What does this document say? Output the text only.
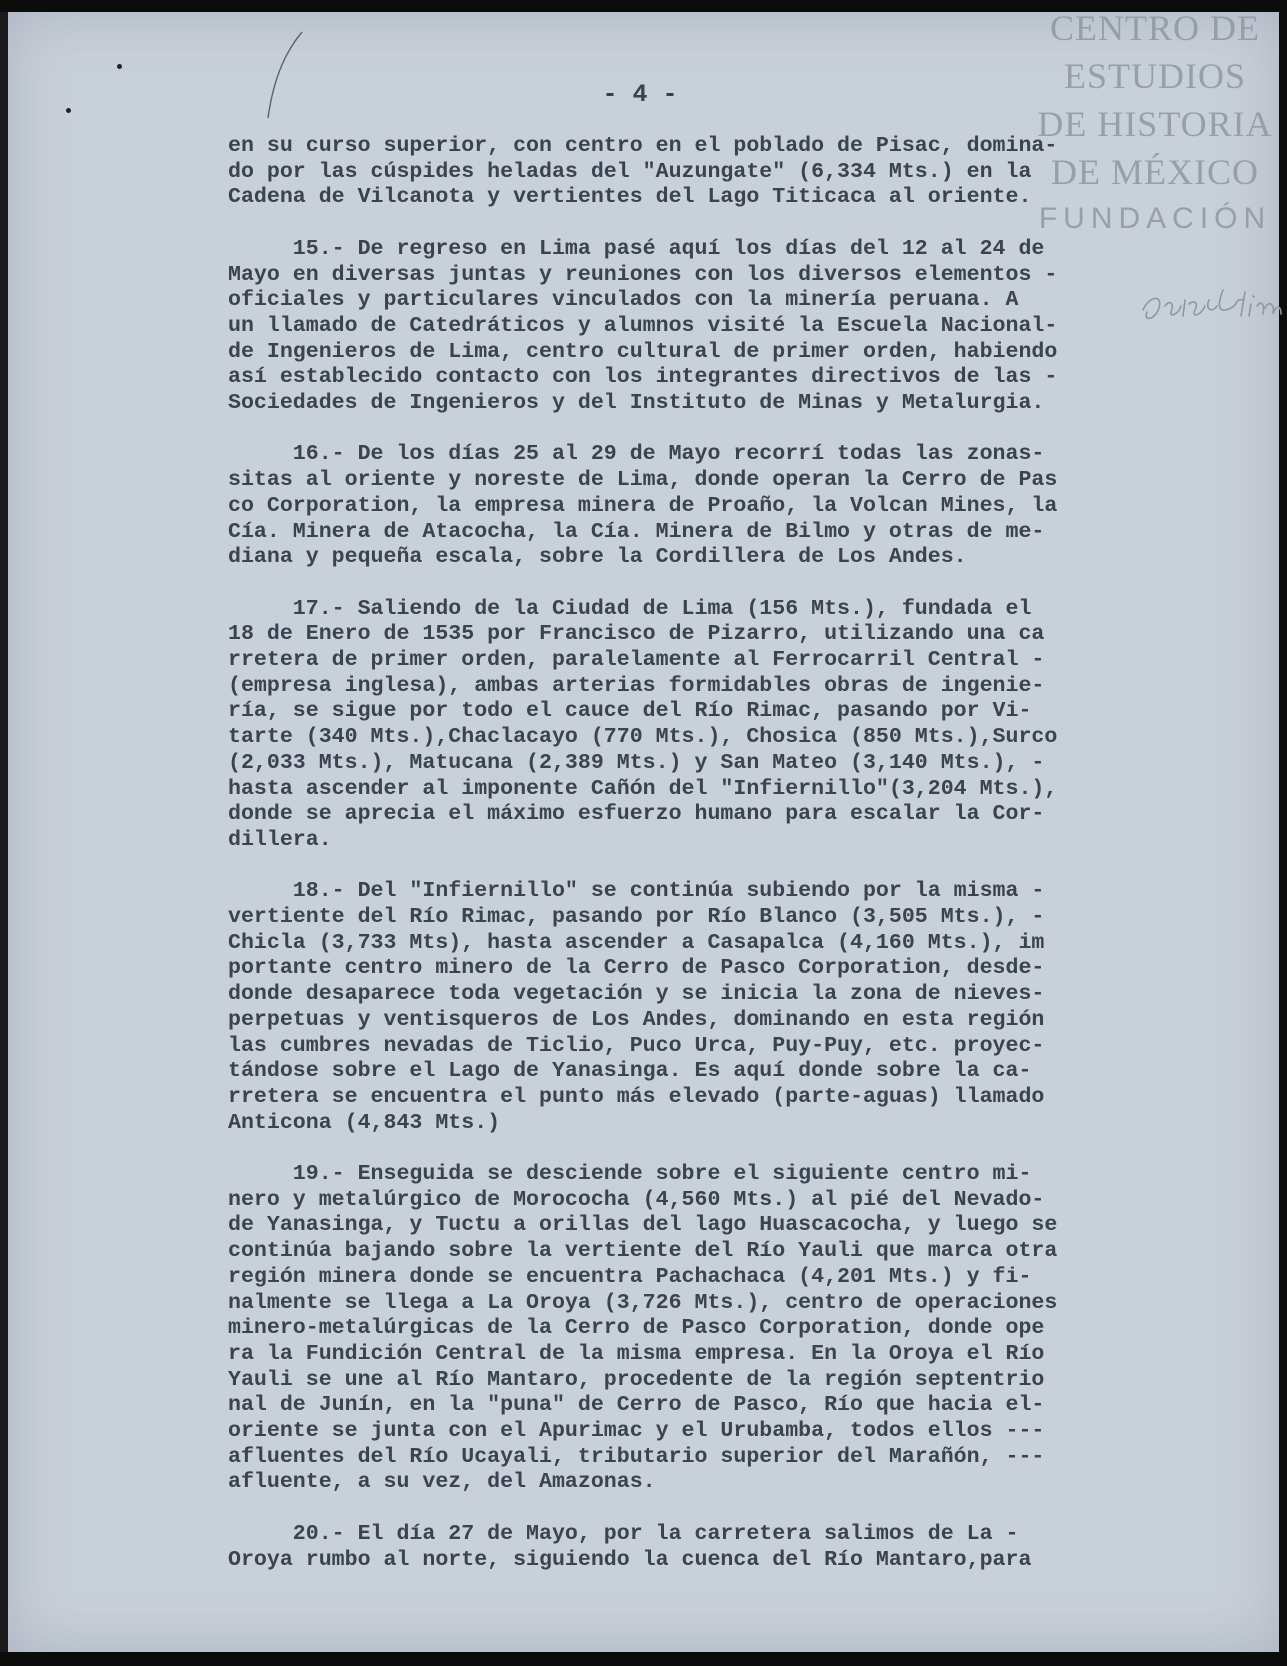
CENTRO DE
ESTUDIOS
DE HISTORIA
DE MÉXICO
FUNDACIÓN
- 4 -
en su curso superior, con centro en el poblado de Pisac, domina-
do por las cúspides heladas del "Auzungate" (6,334 Mts.) en la
Cadena de Vilcanota y vertientes del Lago Titicaca al oriente.
15.- De regreso en Lima pasé aquí los días del 12 al 24 de
Mayo en diversas juntas y reuniones con los diversos elementos -
oficiales y particulares vinculados con la minería peruana. A
un llamado de Catedráticos y alumnos visité la Escuela Nacional-
de Ingenieros de Lima, centro cultural de primer orden, habiendo
así establecido contacto con los integrantes directivos de las -
Sociedades de Ingenieros y del Instituto de Minas y Metalurgia.
16.- De los días 25 al 29 de Mayo recorrí todas las zonas-
sitas al oriente y noreste de Lima, donde operan la Cerro de Pas
co Corporation, la empresa minera de Proaño, la Volcan Mines, la
Cía. Minera de Atacocha, la Cía. Minera de Bilmo y otras de me-
diana y pequeña escala, sobre la Cordillera de Los Andes.
17.- Saliendo de la Ciudad de Lima (156 Mts.), fundada el
18 de Enero de 1535 por Francisco de Pizarro, utilizando una ca
rretera de primer orden, paralelamente al Ferrocarril Central -
(empresa inglesa), ambas arterias formidables obras de ingenie-
ría, se sigue por todo el cauce del Río Rimac, pasando por Vi-
tarte (340 Mts.),Chaclacayo (770 Mts.), Chosica (850 Mts.),Surco
(2,033 Mts.), Matucana (2,389 Mts.) y San Mateo (3,140 Mts.), -
hasta ascender al imponente Cañón del "Infiernillo"(3,204 Mts.),
donde se aprecia el máximo esfuerzo humano para escalar la Cor-
dillera.
18.- Del "Infiernillo" se continúa subiendo por la misma -
vertiente del Río Rimac, pasando por Río Blanco (3,505 Mts.), -
Chicla (3,733 Mts), hasta ascender a Casapalca (4,160 Mts.), im
portante centro minero de la Cerro de Pasco Corporation, desde-
donde desaparece toda vegetación y se inicia la zona de nieves-
perpetuas y ventisqueros de Los Andes, dominando en esta región
las cumbres nevadas de Ticlio, Puco Urca, Puy-Puy, etc. proyec-
tándose sobre el Lago de Yanasinga. Es aquí donde sobre la ca-
rretera se encuentra el punto más elevado (parte-aguas) llamado
Anticona (4,843 Mts.)
19.- Enseguida se desciende sobre el siguiente centro mi-
nero y metalúrgico de Morococha (4,560 Mts.) al pié del Nevado-
de Yanasinga, y Tuctu a orillas del lago Huascacocha, y luego se
continúa bajando sobre la vertiente del Río Yauli que marca otra
región minera donde se encuentra Pachachaca (4,201 Mts.) y fi-
nalmente se llega a La Oroya (3,726 Mts.), centro de operaciones
minero-metalúrgicas de la Cerro de Pasco Corporation, donde ope
ra la Fundición Central de la misma empresa. En la Oroya el Río
Yauli se une al Río Mantaro, procedente de la región septentrio
nal de Junín, en la "puna" de Cerro de Pasco, Río que hacia el-
oriente se junta con el Apurimac y el Urubamba, todos ellos ---
afluentes del Río Ucayali, tributario superior del Marañón, ---
afluente, a su vez, del Amazonas.
20.- El día 27 de Mayo, por la carretera salimos de La -
Oroya rumbo al norte, siguiendo la cuenca del Río Mantaro,para
